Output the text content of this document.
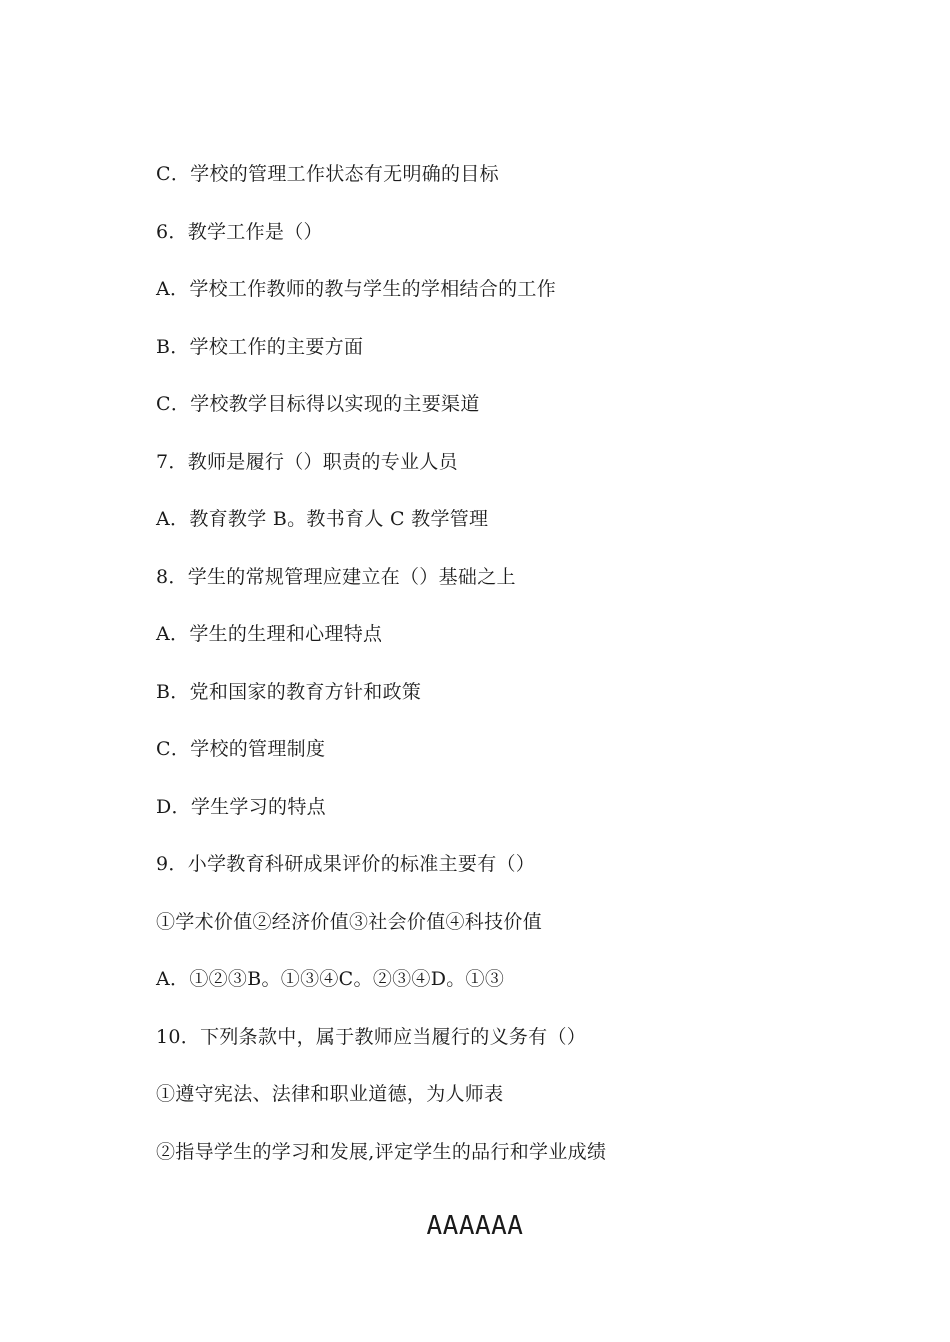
C．学校的管理工作状态有无明确的目标
6．教学工作是（）
A．学校工作教师的教与学生的学相结合的工作
B．学校工作的主要方面
C．学校教学目标得以实现的主要渠道
7．教师是履行（）职责的专业人员
A．教育教学 B。教书育人 C 教学管理
8．学生的常规管理应建立在（）基础之上
A．学生的生理和心理特点
B．党和国家的教育方针和政策
C．学校的管理制度
D．学生学习的特点
9．小学教育科研成果评价的标准主要有（）
①学术价值②经济价值③社会价值④科技价值
A．①②③B。①③④C。②③④D。①③
10．下列条款中，属于教师应当履行的义务有（）
①遵守宪法、法律和职业道德，为人师表
②指导学生的学习和发展,评定学生的品行和学业成绩
AAAAAA
